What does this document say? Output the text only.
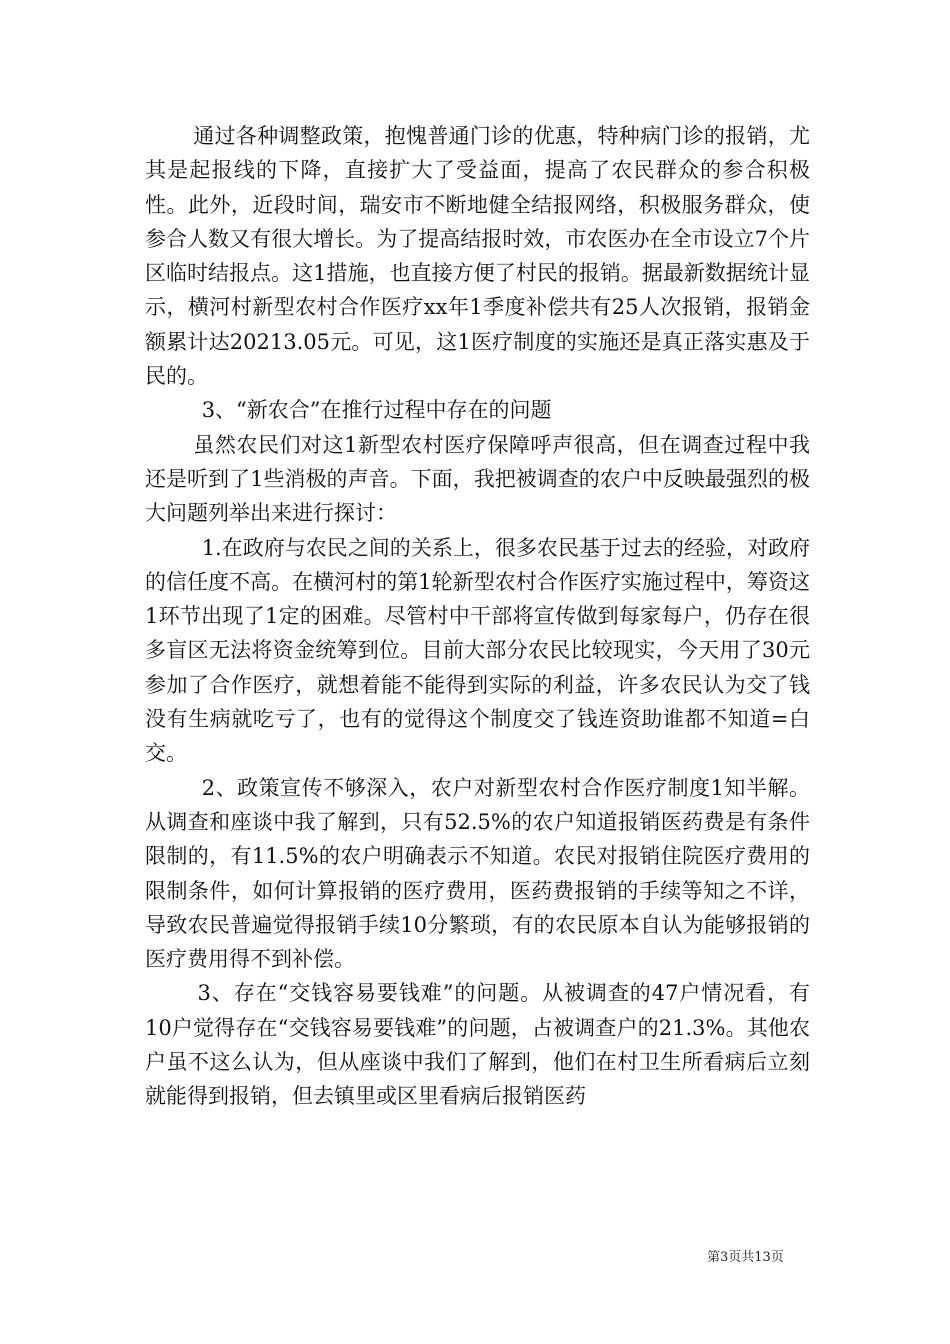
通过各种调整政策，抱愧普通门诊的优惠，特种病门诊的报销，尤其是起报线的下降，直接扩大了受益面，提高了农民群众的参合积极性。此外，近段时间，瑞安市不断地健全结报网络，积极服务群众，使参合人数又有很大增长。为了提高结报时效，市农医办在全市设立7个片区临时结报点。这1措施，也直接方便了村民的报销。据最新数据统计显示，横河村新型农村合作医疗xx年1季度补偿共有25人次报销，报销金额累计达20213.05元。可见，这1医疗制度的实施还是真正落实惠及于民的。

3、“新农合”在推行过程中存在的问题

虽然农民们对这1新型农村医疗保障呼声很高，但在调查过程中我还是听到了1些消极的声音。下面，我把被调查的农户中反映最强烈的极大问题列举出来进行探讨：

1.在政府与农民之间的关系上，很多农民基于过去的经验，对政府的信任度不高。在横河村的第1轮新型农村合作医疗实施过程中，筹资这1环节出现了1定的困难。尽管村中干部将宣传做到每家每户，仍存在很多盲区无法将资金统筹到位。目前大部分农民比较现实，今天用了30元参加了合作医疗，就想着能不能得到实际的利益，许多农民认为交了钱没有生病就吃亏了，也有的觉得这个制度交了钱连资助谁都不知道=白交。

2、政策宣传不够深入，农户对新型农村合作医疗制度1知半解。从调查和座谈中我了解到，只有52.5%的农户知道报销医药费是有条件限制的，有11.5%的农户明确表示不知道。农民对报销住院医疗费用的限制条件，如何计算报销的医疗费用，医药费报销的手续等知之不详，导致农民普遍觉得报销手续10分繁琐，有的农民原本自认为能够报销的医疗费用得不到补偿。

3、存在“交钱容易要钱难”的问题。从被调查的47户情况看，有10户觉得存在“交钱容易要钱难”的问题，占被调查户的21.3%。其他农户虽不这么认为，但从座谈中我们了解到，他们在村卫生所看病后立刻就能得到报销，但去镇里或区里看病后报销医药

第3页共13页
